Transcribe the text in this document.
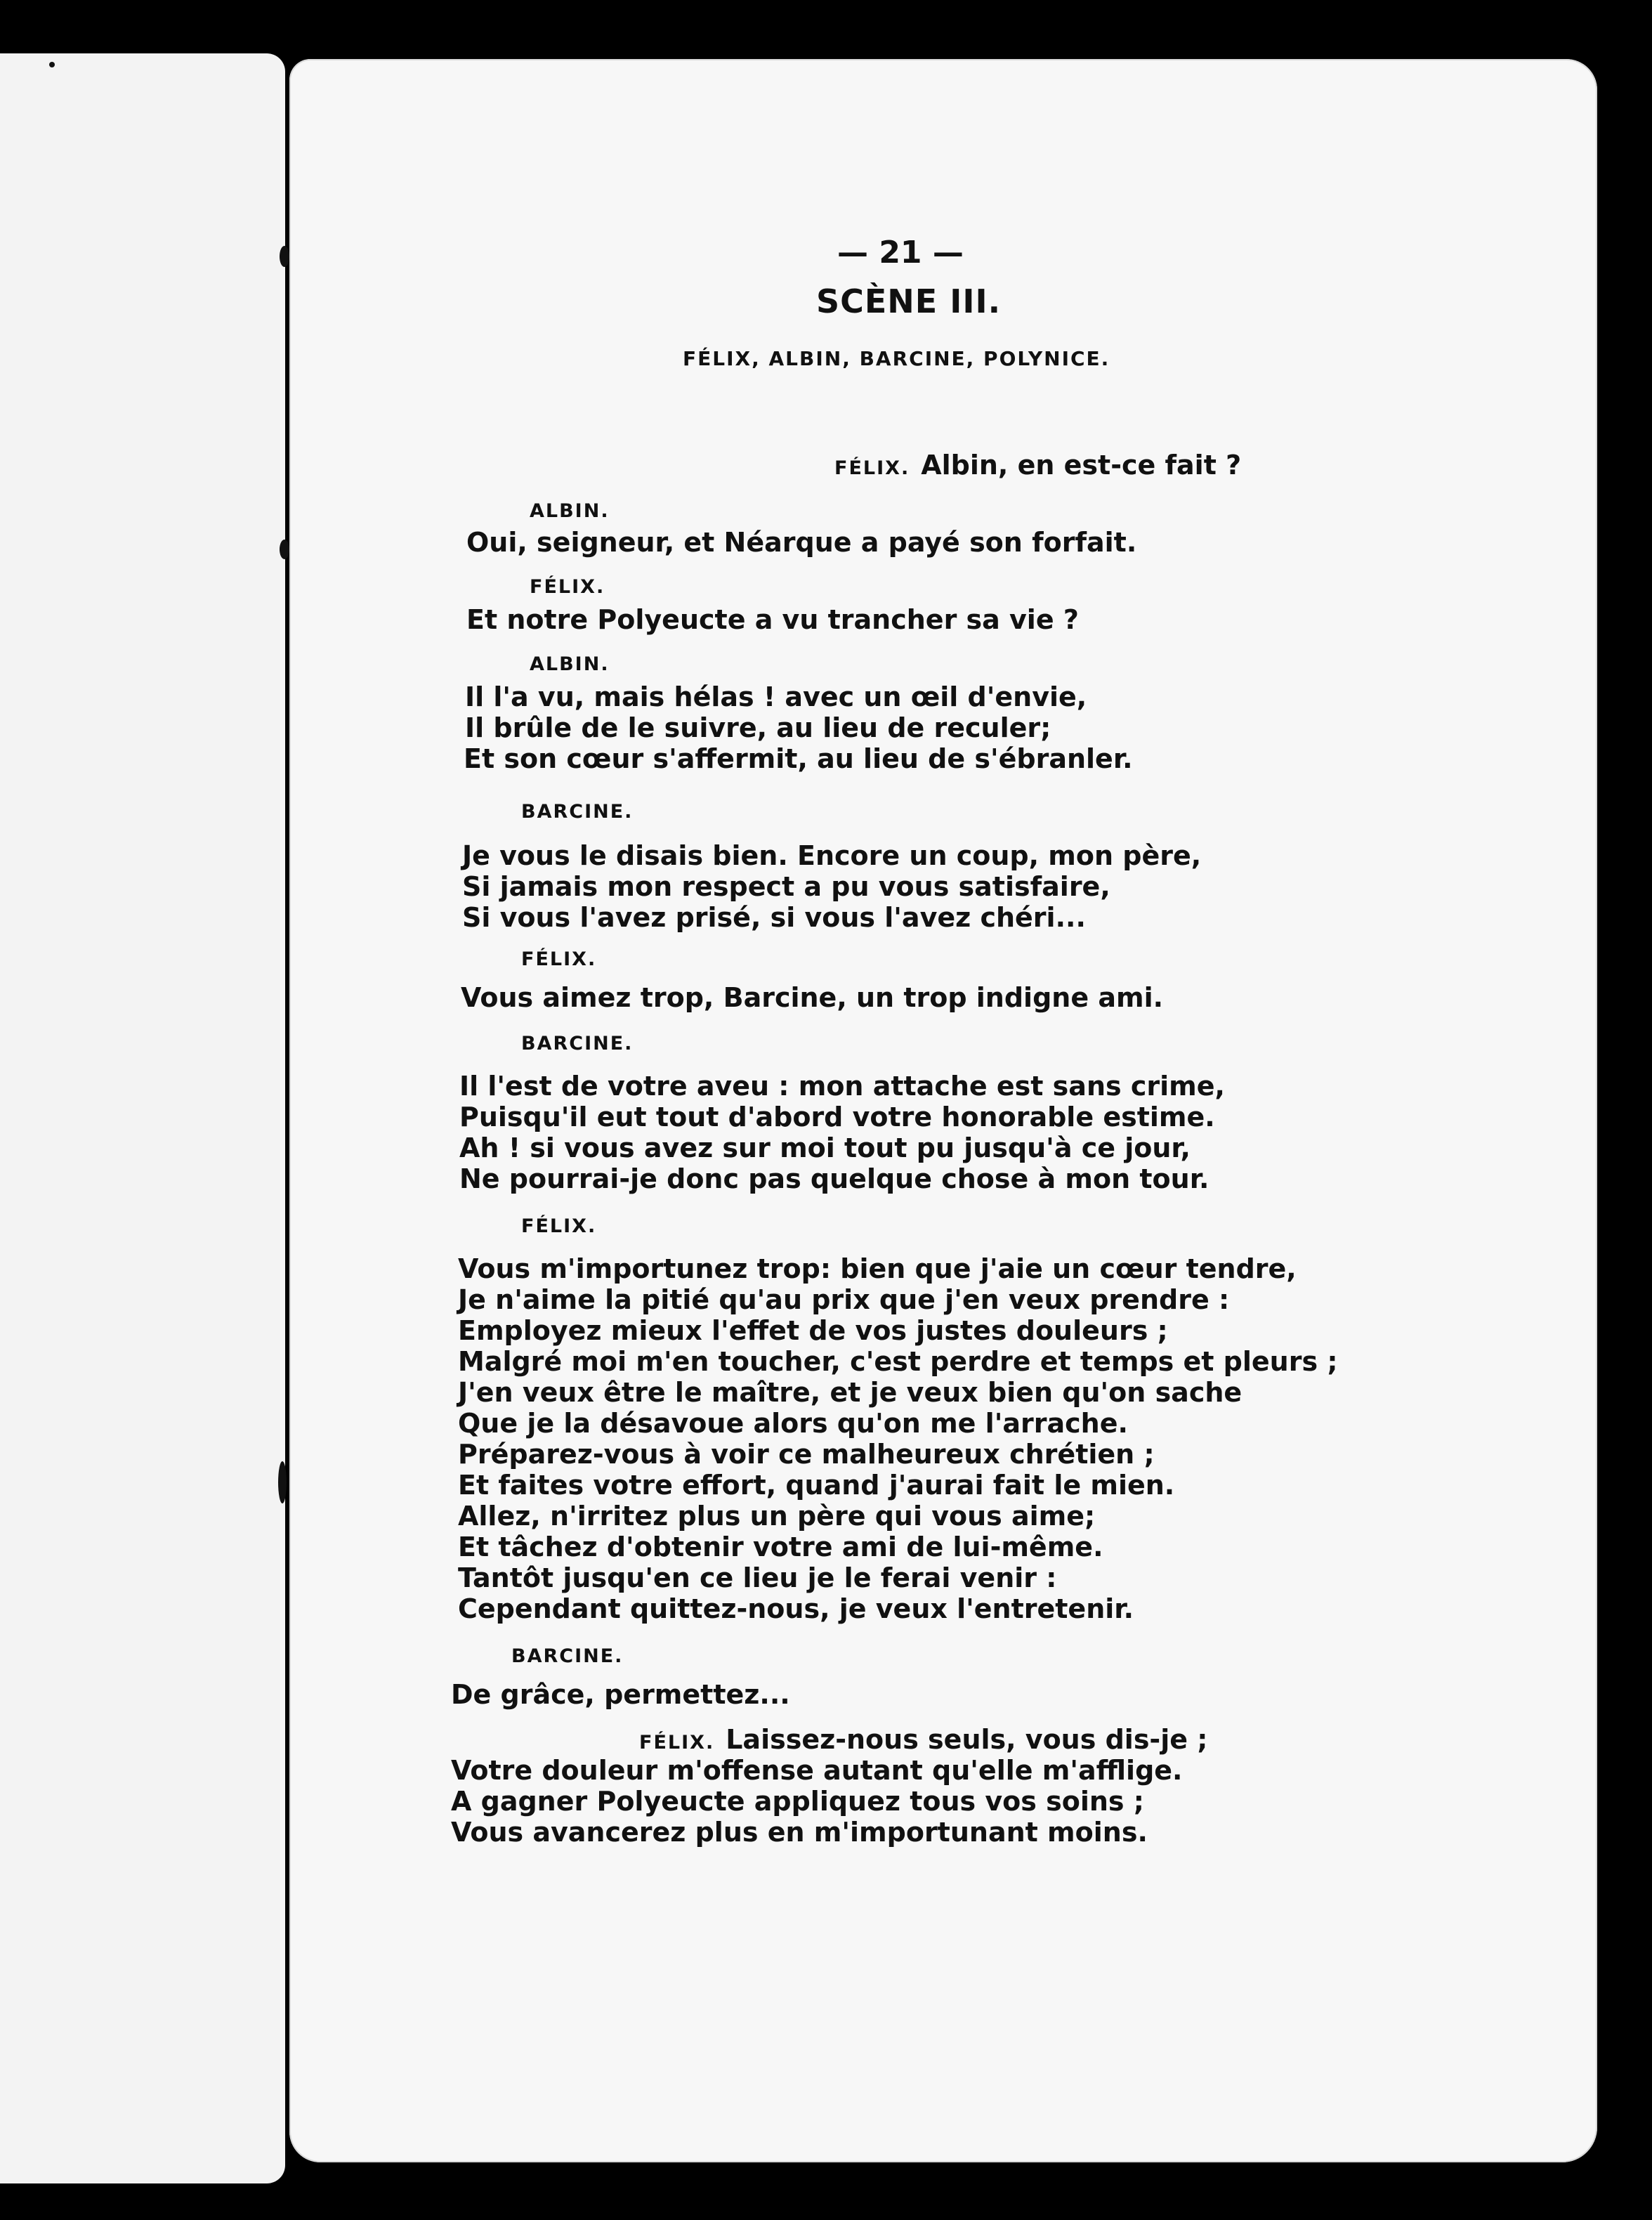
— 21 —
SCÈNE III.
FÉLIX, ALBIN, BARCINE, POLYNICE.
FÉLIX. Albin, en est-ce fait ?
ALBIN.
Oui, seigneur, et Néarque a payé son forfait.
FÉLIX.
Et notre Polyeucte a vu trancher sa vie ?
ALBIN.
Il l'a vu, mais hélas ! avec un œil d'envie,
Il brûle de le suivre, au lieu de reculer;
Et son cœur s'affermit, au lieu de s'ébranler.
BARCINE.
Je vous le disais bien. Encore un coup, mon père,
Si jamais mon respect a pu vous satisfaire,
Si vous l'avez prisé, si vous l'avez chéri...
FÉLIX.
Vous aimez trop, Barcine, un trop indigne ami.
BARCINE.
Il l'est de votre aveu : mon attache est sans crime,
Puisqu'il eut tout d'abord votre honorable estime.
Ah ! si vous avez sur moi tout pu jusqu'à ce jour,
Ne pourrai-je donc pas quelque chose à mon tour.
FÉLIX.
Vous m'importunez trop: bien que j'aie un cœur tendre,
Je n'aime la pitié qu'au prix que j'en veux prendre :
Employez mieux l'effet de vos justes douleurs ;
Malgré moi m'en toucher, c'est perdre et temps et pleurs ;
J'en veux être le maître, et je veux bien qu'on sache
Que je la désavoue alors qu'on me l'arrache.
Préparez-vous à voir ce malheureux chrétien ;
Et faites votre effort, quand j'aurai fait le mien.
Allez, n'irritez plus un père qui vous aime;
Et tâchez d'obtenir votre ami de lui-même.
Tantôt jusqu'en ce lieu je le ferai venir :
Cependant quittez-nous, je veux l'entretenir.
BARCINE.
De grâce, permettez...
FÉLIX. Laissez-nous seuls, vous dis-je ;
Votre douleur m'offense autant qu'elle m'afflige.
A gagner Polyeucte appliquez tous vos soins ;
Vous avancerez plus en m'importunant moins.
